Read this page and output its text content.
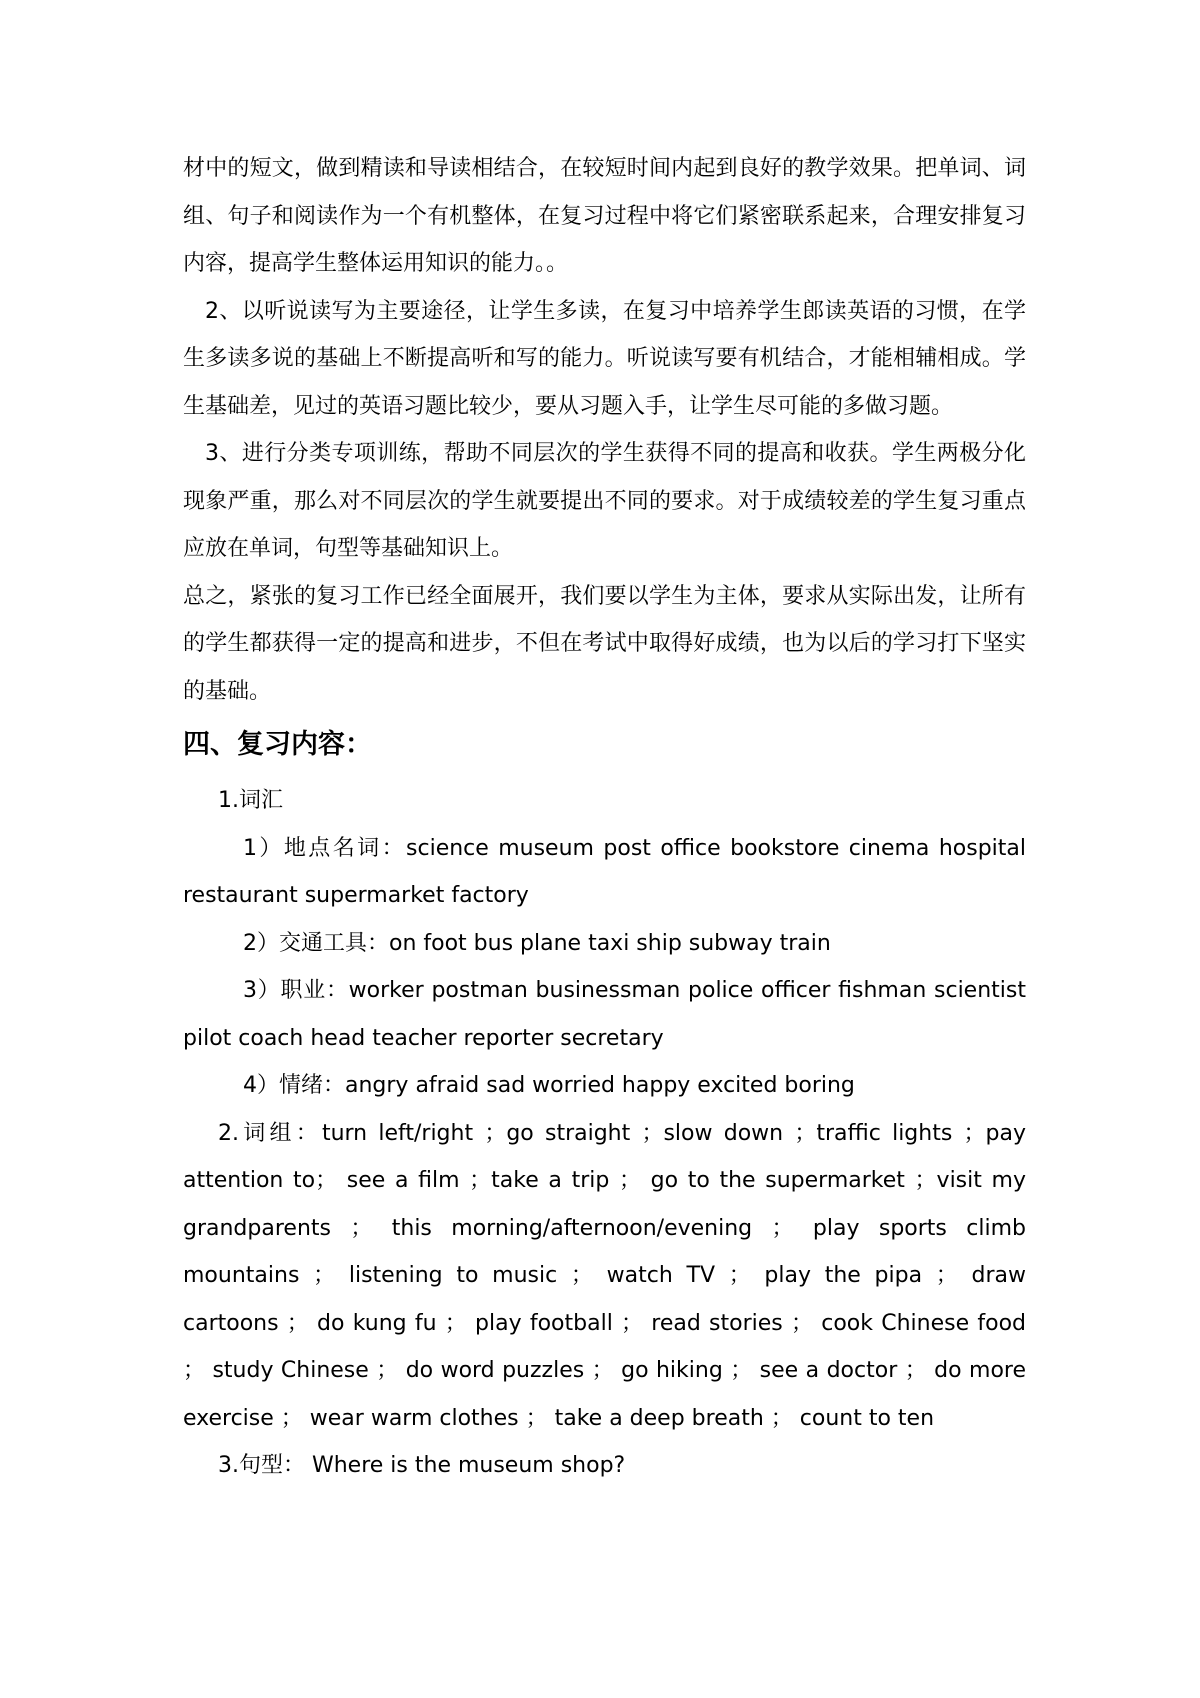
材中的短文，做到精读和导读相结合，在较短时间内起到良好的教学效果。把单词、词组、句子和阅读作为一个有机整体，在复习过程中将它们紧密联系起来，合理安排复习内容，提高学生整体运用知识的能力。。

2、以听说读写为主要途径，让学生多读，在复习中培养学生郎读英语的习惯，在学生多读多说的基础上不断提高听和写的能力。听说读写要有机结合，才能相辅相成。学生基础差，见过的英语习题比较少，要从习题入手，让学生尽可能的多做习题。

3、进行分类专项训练，帮助不同层次的学生获得不同的提高和收获。学生两极分化现象严重，那么对不同层次的学生就要提出不同的要求。对于成绩较差的学生复习重点应放在单词，句型等基础知识上。

总之，紧张的复习工作已经全面展开，我们要以学生为主体，要求从实际出发，让所有的学生都获得一定的提高和进步，不但在考试中取得好成绩，也为以后的学习打下坚实的基础。

四、复习内容：

1.词汇

1）地点名词：science museum post office bookstore cinema hospital restaurant supermarket factory

2）交通工具：on foot bus plane taxi ship subway train

3）职业：worker postman businessman police officer fishman scientist pilot coach head teacher reporter secretary

4）情绪：angry afraid sad worried happy excited boring

2.词组：turn left/right ；go straight ；slow down ；traffic lights ；pay attention to； see a film ；take a trip ； go to the supermarket ；visit my grandparents ； this morning/afternoon/evening ； play sports climb mountains ； listening to music ； watch TV ； play the pipa ； draw cartoons ； do kung fu ； play football ； read stories ； cook Chinese food ； study Chinese ； do word puzzles ； go hiking ； see a doctor ； do more exercise ； wear warm clothes ； take a deep breath ； count to ten

3.句型： Where is the museum shop?
